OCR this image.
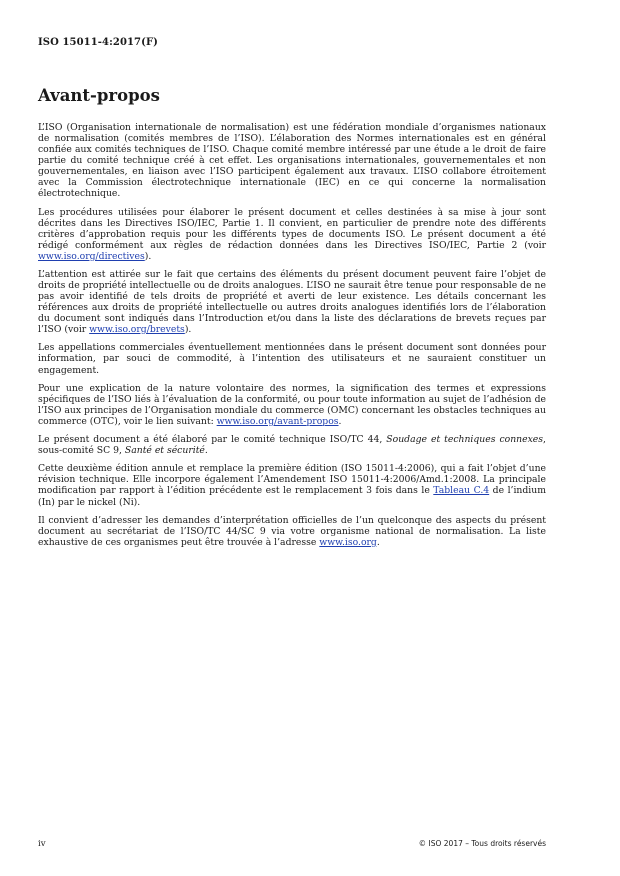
ISO 15011-4:2017(F)
Avant-propos

L’ISO (Organisation internationale de normalisation) est une fédération mondiale d’organismes nationaux de normalisation (comités membres de l’ISO). L’élaboration des Normes internationales est en général confiée aux comités techniques de l’ISO. Chaque comité membre intéressé par une étude a le droit de faire partie du comité technique créé à cet effet. Les organisations internationales, gouvernementales et non gouvernementales, en liaison avec l’ISO participent également aux travaux. L’ISO collabore étroitement avec la Commission électrotechnique internationale (IEC) en ce qui concerne la normalisation électrotechnique.

Les procédures utilisées pour élaborer le présent document et celles destinées à sa mise à jour sont décrites dans les Directives ISO/IEC, Partie 1. Il convient, en particulier de prendre note des différents critères d’approbation requis pour les différents types de documents ISO. Le présent document a été rédigé conformément aux règles de rédaction données dans les Directives ISO/IEC, Partie 2 (voir www.iso.org/directives).

L’attention est attirée sur le fait que certains des éléments du présent document peuvent faire l’objet de droits de propriété intellectuelle ou de droits analogues. L’ISO ne saurait être tenue pour responsable de ne pas avoir identifié de tels droits de propriété et averti de leur existence. Les détails concernant les références aux droits de propriété intellectuelle ou autres droits analogues identifiés lors de l’élaboration du document sont indiqués dans l’Introduction et/ou dans la liste des déclarations de brevets reçues par l’ISO (voir www.iso.org/brevets).

Les appellations commerciales éventuellement mentionnées dans le présent document sont données pour information, par souci de commodité, à l’intention des utilisateurs et ne sauraient constituer un engagement.

Pour une explication de la nature volontaire des normes, la signification des termes et expressions spécifiques de l’ISO liés à l’évaluation de la conformité, ou pour toute information au sujet de l’adhésion de l’ISO aux principes de l’Organisation mondiale du commerce (OMC) concernant les obstacles techniques au commerce (OTC), voir le lien suivant: www.iso.org/avant-propos.

Le présent document a été élaboré par le comité technique ISO/TC 44, Soudage et techniques connexes, sous-comité SC 9, Santé et sécurité.

Cette deuxième édition annule et remplace la première édition (ISO 15011-4:2006), qui a fait l’objet d’une révision technique. Elle incorpore également l’Amendement ISO 15011-4:2006/Amd.1:2008. La principale modification par rapport à l’édition précédente est le remplacement 3 fois dans le Tableau C.4 de l’indium (In) par le nickel (Ni).

Il convient d’adresser les demandes d’interprétation officielles de l’un quelconque des aspects du présent document au secrétariat de l’ISO/TC 44/SC 9 via votre organisme national de normalisation. La liste exhaustive de ces organismes peut être trouvée à l’adresse www.iso.org.

iv	© ISO 2017 – Tous droits réservés
